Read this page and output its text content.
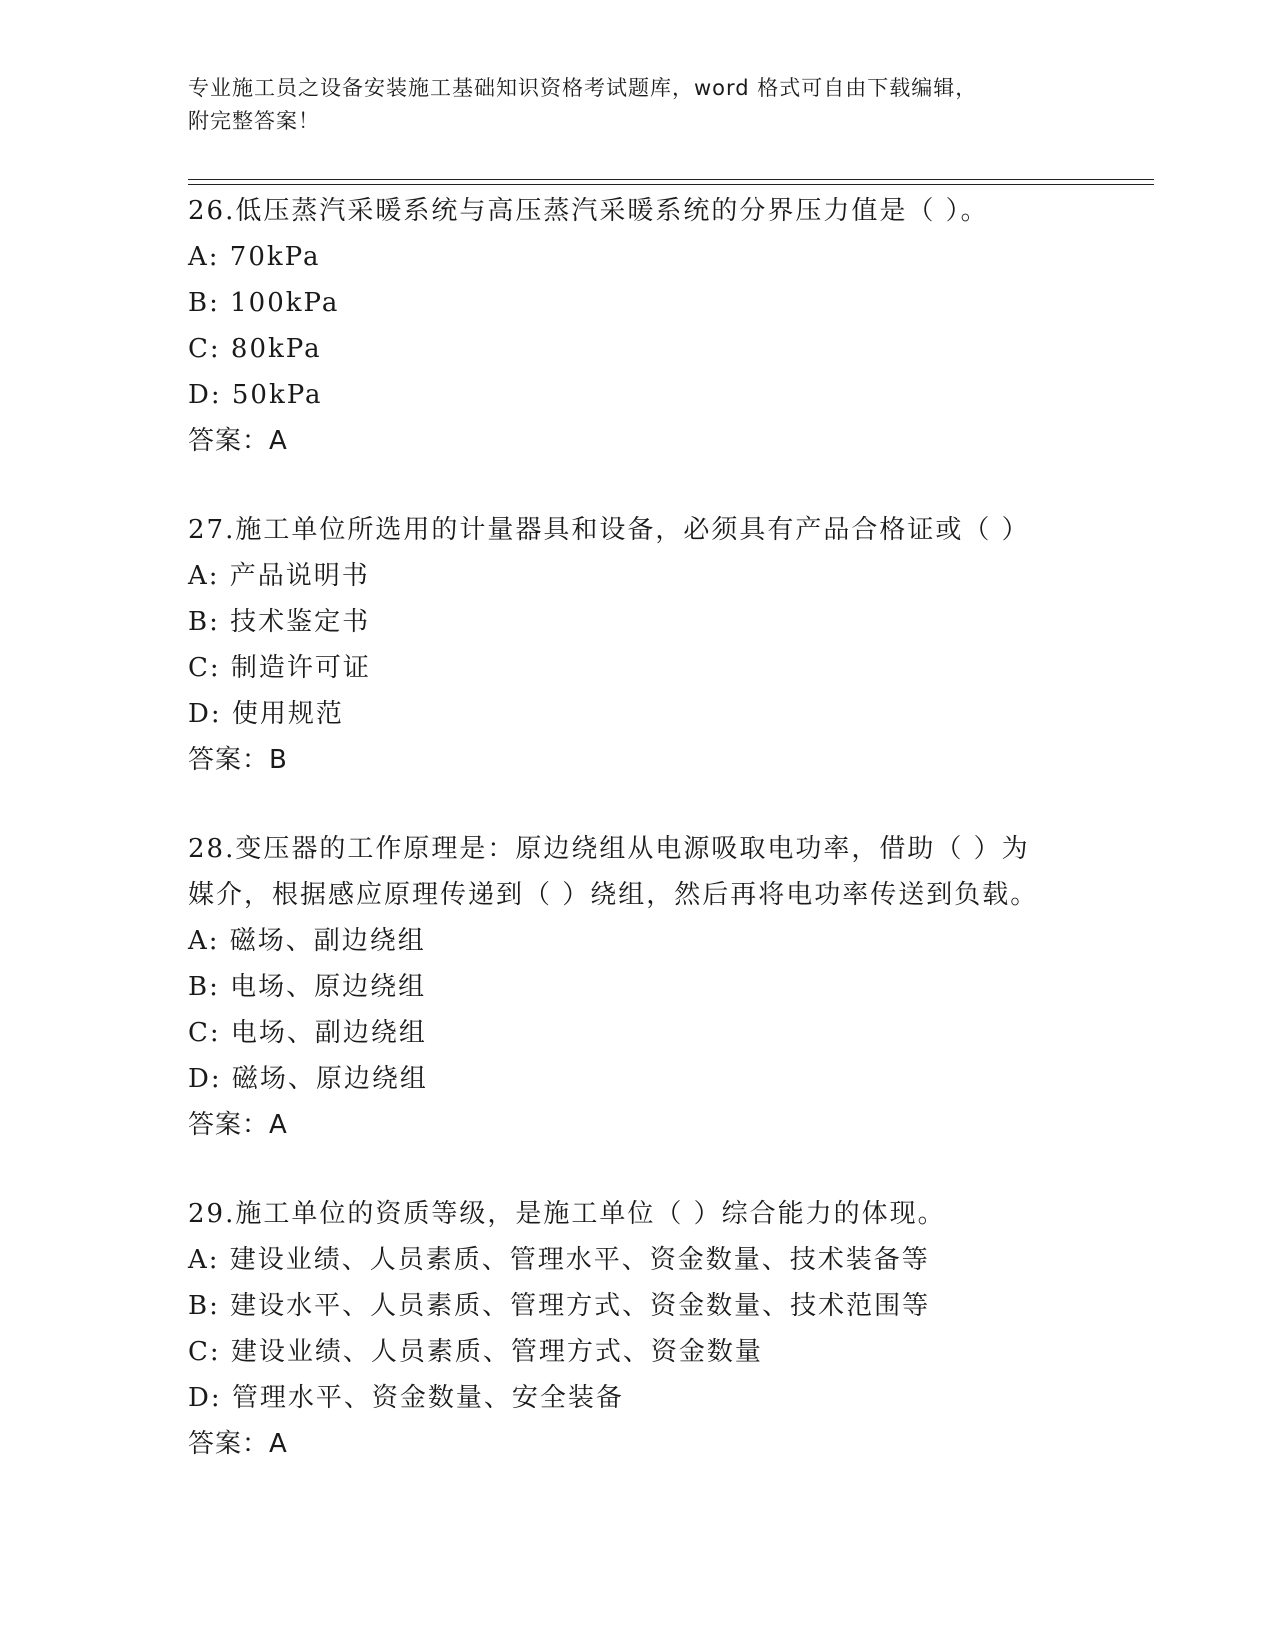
专业施工员之设备安装施工基础知识资格考试题库，word 格式可自由下载编辑，
附完整答案！
26.低压蒸汽采暖系统与高压蒸汽采暖系统的分界压力值是（ ）。
A: 70kPa
B: 100kPa
C: 80kPa
D: 50kPa
答案：A
27.施工单位所选用的计量器具和设备，必须具有产品合格证或（ ）
A: 产品说明书
B: 技术鉴定书
C: 制造许可证
D: 使用规范
答案：B
28.变压器的工作原理是：原边绕组从电源吸取电功率，借助（ ）为
媒介，根据感应原理传递到（ ）绕组，然后再将电功率传送到负载。
A: 磁场、副边绕组
B: 电场、原边绕组
C: 电场、副边绕组
D: 磁场、原边绕组
答案：A
29.施工单位的资质等级，是施工单位（ ）综合能力的体现。
A: 建设业绩、人员素质、管理水平、资金数量、技术装备等
B: 建设水平、人员素质、管理方式、资金数量、技术范围等
C: 建设业绩、人员素质、管理方式、资金数量
D: 管理水平、资金数量、安全装备
答案：A
